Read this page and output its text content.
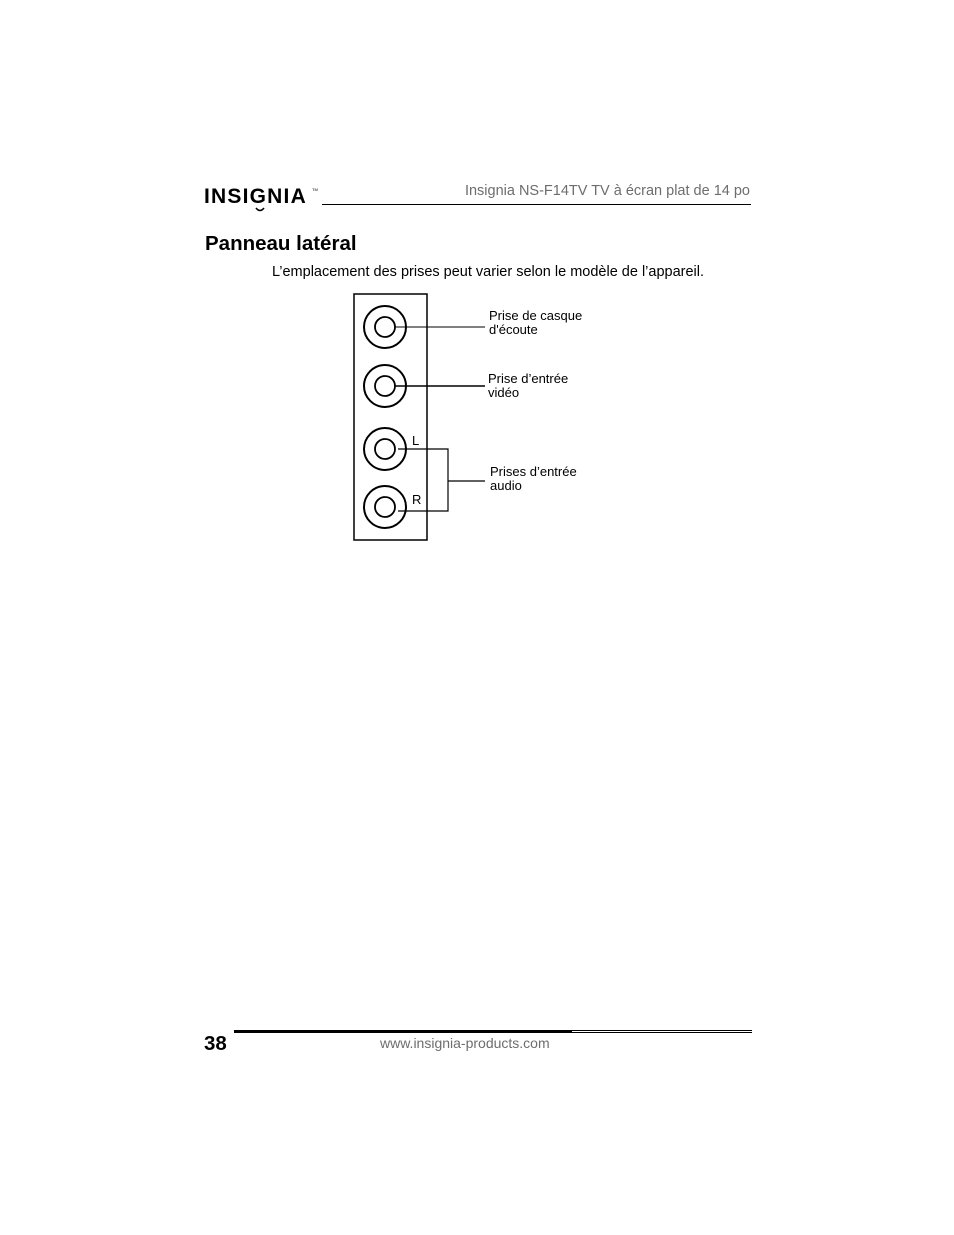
INSIGNIA TM	Insignia NS-F14TV TV à écran plat de 14 po
Panneau latéral
L’emplacement des prises peut varier selon le modèle de l’appareil.
L
R
Prise de casque
d'écoute
Prise d’entrée
vidéo
Prises d’entrée
audio
38	www.insignia-products.com
